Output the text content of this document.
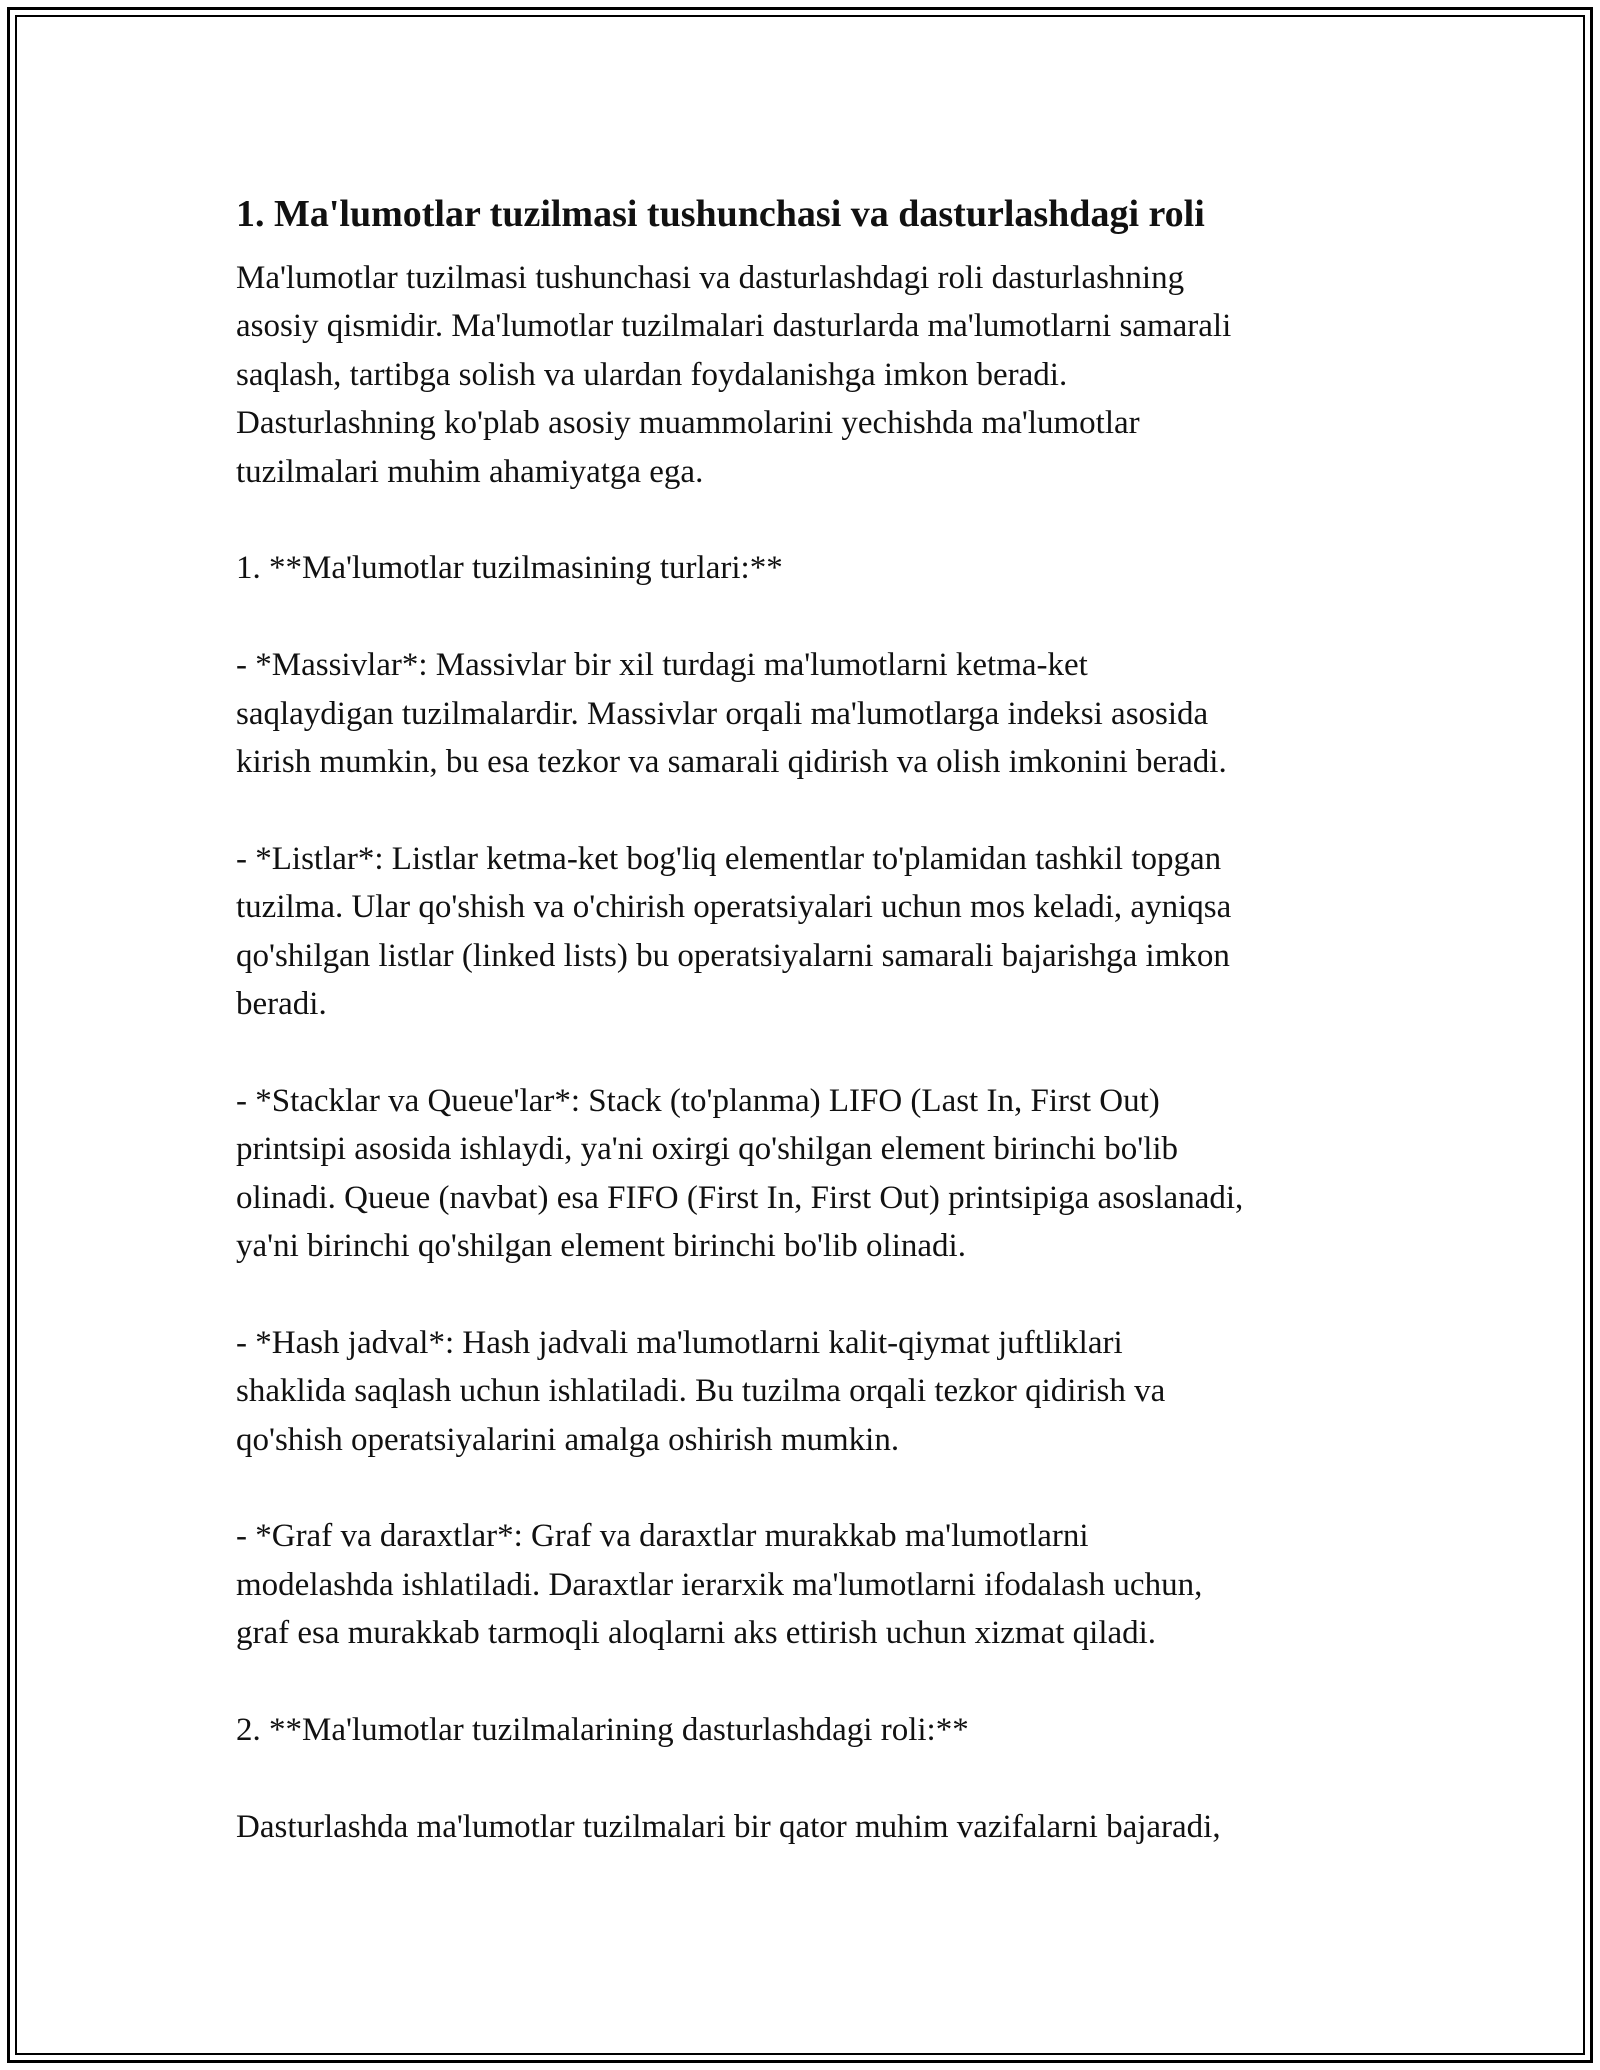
1. Ma'lumotlar tuzilmasi tushunchasi va dasturlashdagi roli

Ma'lumotlar tuzilmasi tushunchasi va dasturlashdagi roli dasturlashning
asosiy qismidir. Ma'lumotlar tuzilmalari dasturlarda ma'lumotlarni samarali
saqlash, tartibga solish va ulardan foydalanishga imkon beradi.
Dasturlashning ko'plab asosiy muammolarini yechishda ma'lumotlar
tuzilmalari muhim ahamiyatga ega.

1. **Ma'lumotlar tuzilmasining turlari:**

- *Massivlar*: Massivlar bir xil turdagi ma'lumotlarni ketma-ket
saqlaydigan tuzilmalardir. Massivlar orqali ma'lumotlarga indeksi asosida
kirish mumkin, bu esa tezkor va samarali qidirish va olish imkonini beradi.

- *Listlar*: Listlar ketma-ket bog'liq elementlar to'plamidan tashkil topgan
tuzilma. Ular qo'shish va o'chirish operatsiyalari uchun mos keladi, ayniqsa
qo'shilgan listlar (linked lists) bu operatsiyalarni samarali bajarishga imkon
beradi.

- *Stacklar va Queue'lar*: Stack (to'planma) LIFO (Last In, First Out)
printsipi asosida ishlaydi, ya'ni oxirgi qo'shilgan element birinchi bo'lib
olinadi. Queue (navbat) esa FIFO (First In, First Out) printsipiga asoslanadi,
ya'ni birinchi qo'shilgan element birinchi bo'lib olinadi.

- *Hash jadval*: Hash jadvali ma'lumotlarni kalit-qiymat juftliklari
shaklida saqlash uchun ishlatiladi. Bu tuzilma orqali tezkor qidirish va
qo'shish operatsiyalarini amalga oshirish mumkin.

- *Graf va daraxtlar*: Graf va daraxtlar murakkab ma'lumotlarni
modelashda ishlatiladi. Daraxtlar ierarxik ma'lumotlarni ifodalash uchun,
graf esa murakkab tarmoqli aloqlarni aks ettirish uchun xizmat qiladi.

2. **Ma'lumotlar tuzilmalarining dasturlashdagi roli:**

Dasturlashda ma'lumotlar tuzilmalari bir qator muhim vazifalarni bajaradi,
